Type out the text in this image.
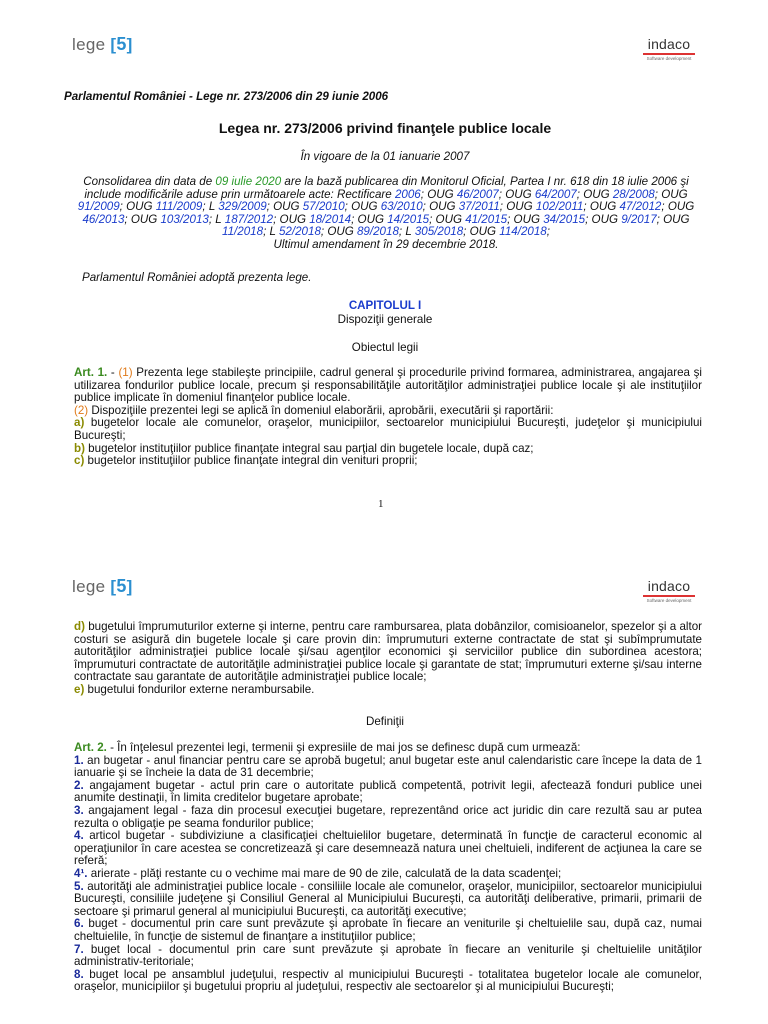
lege [5]	indaco
Software development
Parlamentul României - Lege nr. 273/2006 din 29 iunie 2006
Legea nr. 273/2006 privind finanţele publice locale
În vigoare de la 01 ianuarie 2007
Consolidarea din data de 09 iulie 2020 are la bază publicarea din Monitorul Oficial, Partea I nr. 618 din 18 iulie 2006 şi include modificările aduse prin următoarele acte: Rectificare 2006; OUG 46/2007; OUG 64/2007; OUG 28/2008; OUG 91/2009; OUG 111/2009; L 329/2009; OUG 57/2010; OUG 63/2010; OUG 37/2011; OUG 102/2011; OUG 47/2012; OUG 46/2013; OUG 103/2013; L 187/2012; OUG 18/2014; OUG 14/2015; OUG 41/2015; OUG 34/2015; OUG 9/2017; OUG 11/2018; L 52/2018; OUG 89/2018; L 305/2018; OUG 114/2018;
Ultimul amendament în 29 decembrie 2018.
Parlamentul României adoptă prezenta lege.
CAPITOLUL I
Dispoziţii generale
Obiectul legii
Art. 1. - (1) Prezenta lege stabileşte principiile, cadrul general şi procedurile privind formarea, administrarea, angajarea şi utilizarea fondurilor publice locale, precum şi responsabilităţile autorităţilor administraţiei publice locale şi ale instituţiilor publice implicate în domeniul finanţelor publice locale.
(2) Dispoziţiile prezentei legi se aplică în domeniul elaborării, aprobării, executării şi raportării:
a) bugetelor locale ale comunelor, oraşelor, municipiilor, sectoarelor municipiului Bucureşti, judeţelor şi municipiului Bucureşti;
b) bugetelor instituţiilor publice finanţate integral sau parţial din bugetele locale, după caz;
c) bugetelor instituţiilor publice finanţate integral din venituri proprii;
1
lege [5]	indaco
Software development
d) bugetului împrumuturilor externe şi interne, pentru care rambursarea, plata dobânzilor, comisioanelor, spezelor şi a altor costuri se asigură din bugetele locale şi care provin din: împrumuturi externe contractate de stat şi subîmprumutate autorităţilor administraţiei publice locale şi/sau agenţilor economici şi serviciilor publice din subordinea acestora; împrumuturi contractate de autorităţile administraţiei publice locale şi garantate de stat; împrumuturi externe şi/sau interne contractate sau garantate de autorităţile administraţiei publice locale;
e) bugetului fondurilor externe nerambursabile.
Definiţii
Art. 2. - În înţelesul prezentei legi, termenii şi expresiile de mai jos se definesc după cum urmează:
1. an bugetar - anul financiar pentru care se aprobă bugetul; anul bugetar este anul calendaristic care începe la data de 1 ianuarie şi se încheie la data de 31 decembrie;
2. angajament bugetar - actul prin care o autoritate publică competentă, potrivit legii, afectează fonduri publice unei anumite destinaţii, în limita creditelor bugetare aprobate;
3. angajament legal - faza din procesul execuţiei bugetare, reprezentând orice act juridic din care rezultă sau ar putea rezulta o obligaţie pe seama fondurilor publice;
4. articol bugetar - subdiviziune a clasificaţiei cheltuielilor bugetare, determinată în funcţie de caracterul economic al operaţiunilor în care acestea se concretizează şi care desemnează natura unei cheltuieli, indiferent de acţiunea la care se referă;
4¹. arierate - plăţi restante cu o vechime mai mare de 90 de zile, calculată de la data scadenţei;
5. autorităţi ale administraţiei publice locale - consiliile locale ale comunelor, oraşelor, municipiilor, sectoarelor municipiului Bucureşti, consiliile judeţene şi Consiliul General al Municipiului Bucureşti, ca autorităţi deliberative, primarii, primarii de sectoare şi primarul general al municipiului Bucureşti, ca autorităţi executive;
6. buget - documentul prin care sunt prevăzute şi aprobate în fiecare an veniturile şi cheltuielile sau, după caz, numai cheltuielile, în funcţie de sistemul de finanţare a instituţiilor publice;
7. buget local - documentul prin care sunt prevăzute şi aprobate în fiecare an veniturile şi cheltuielile unităţilor administrativ-teritoriale;
8. buget local pe ansamblul judeţului, respectiv al municipiului Bucureşti - totalitatea bugetelor locale ale comunelor, oraşelor, municipiilor şi bugetului propriu al judeţului, respectiv ale sectoarelor şi al municipiului Bucureşti;
